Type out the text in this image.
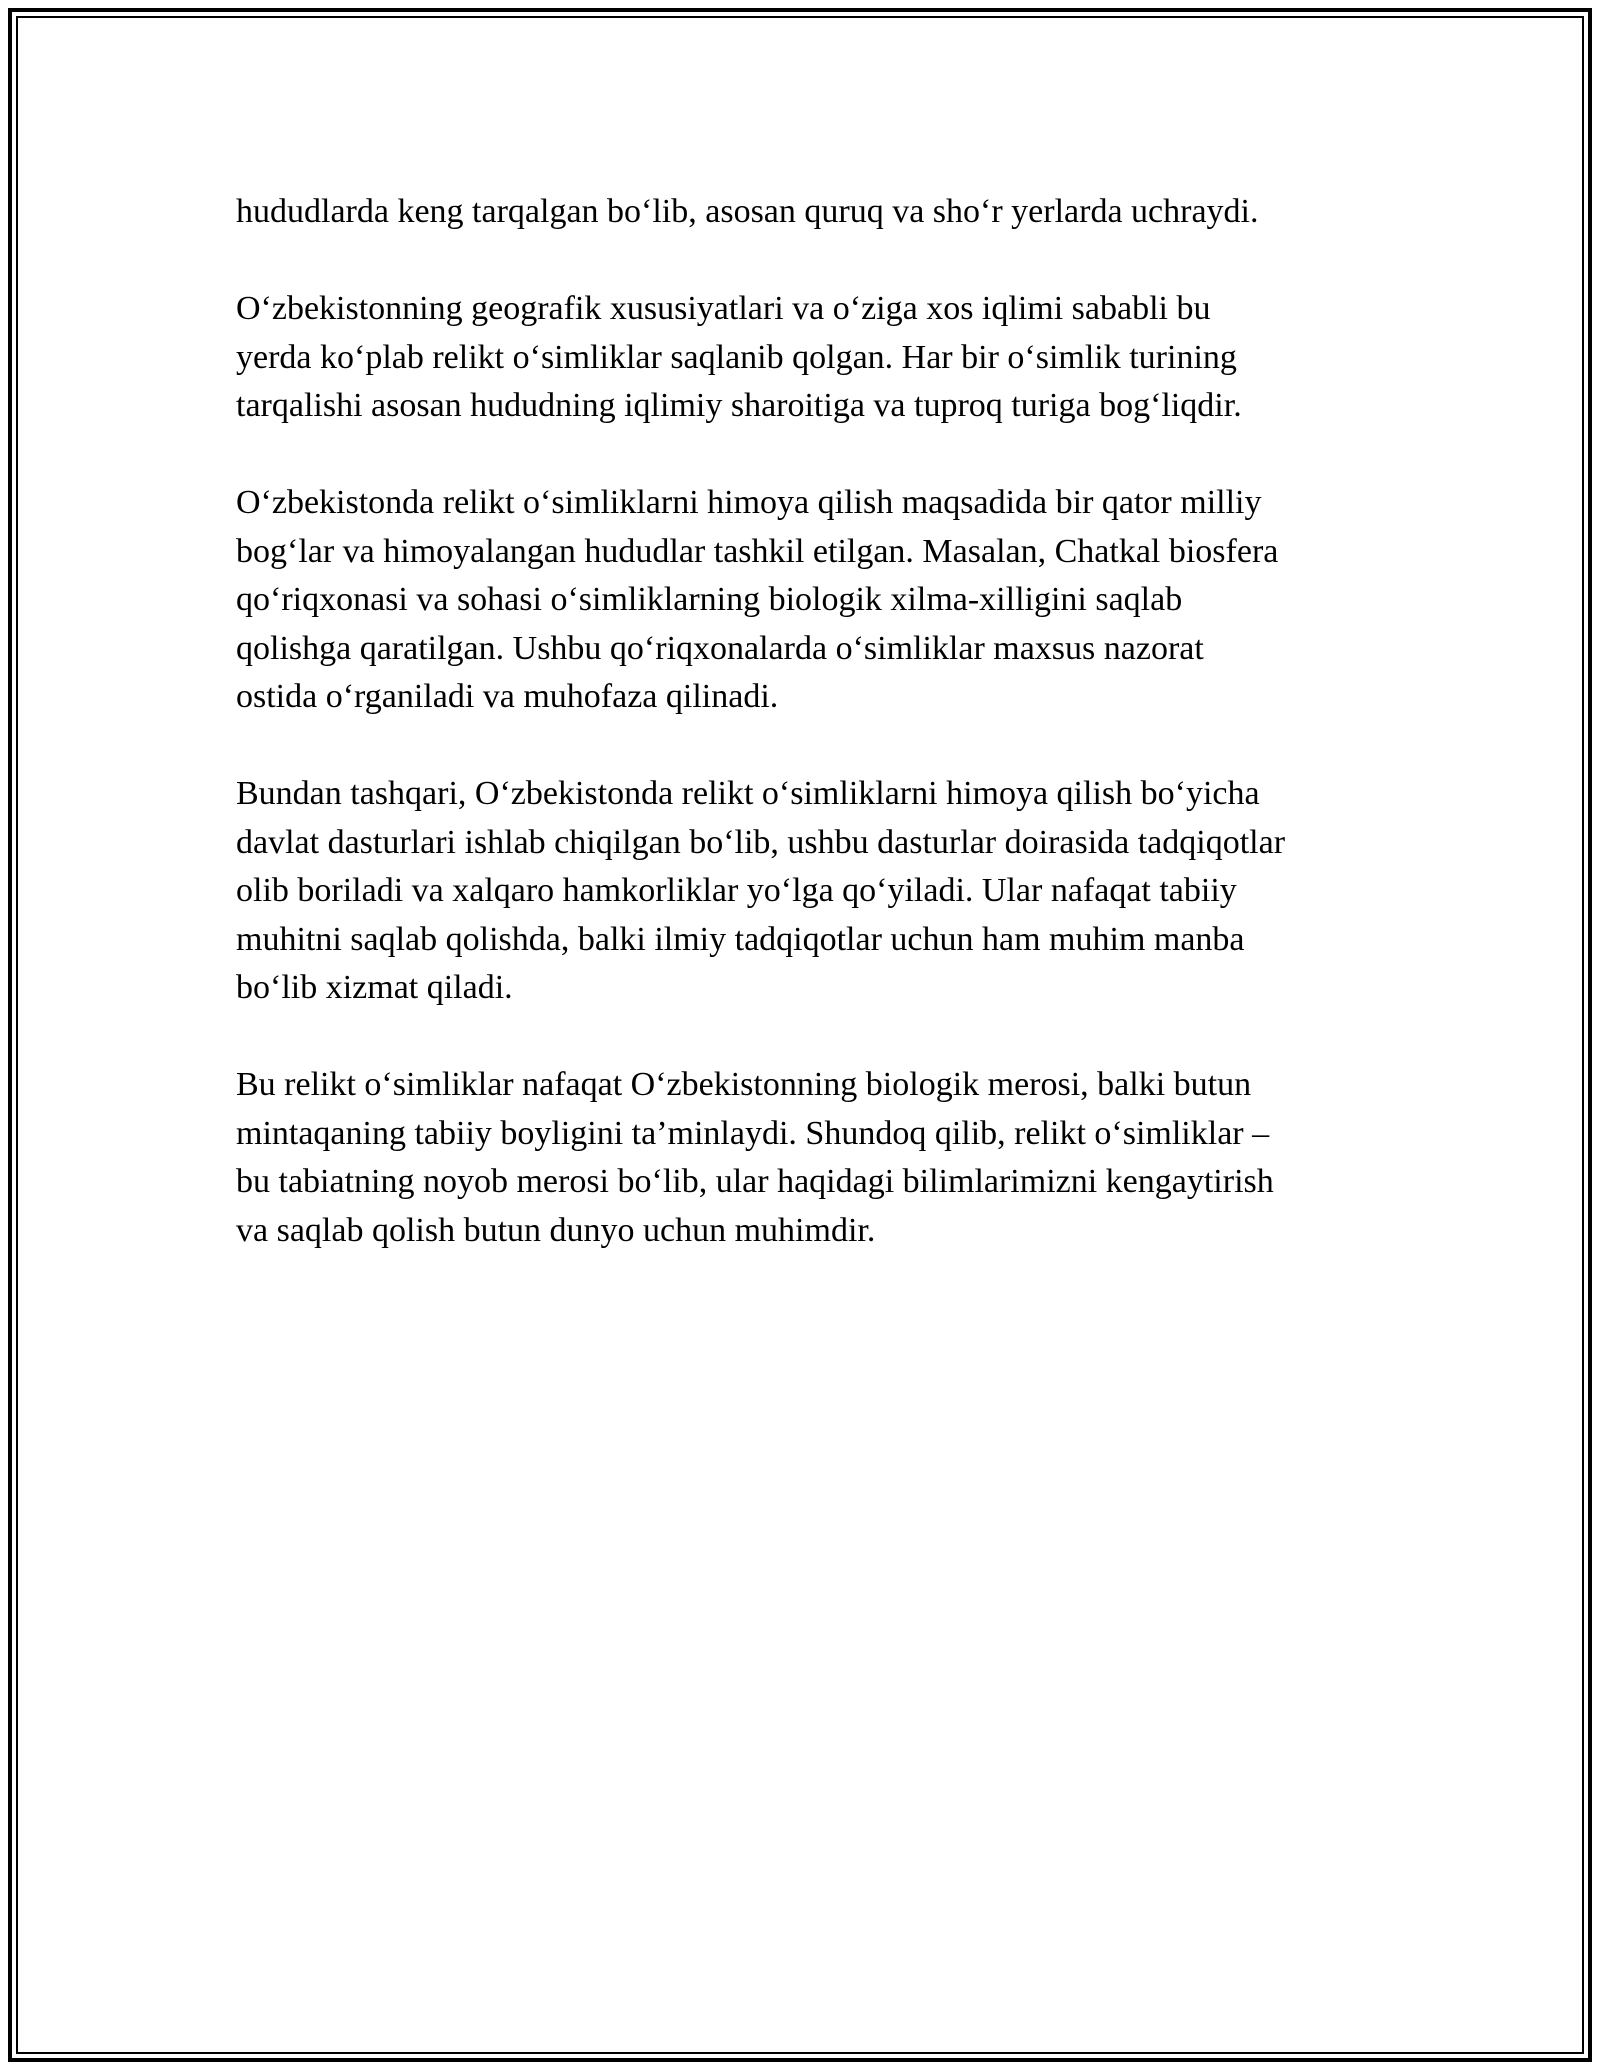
hududlarda keng tarqalgan bo‘lib, asosan quruq va sho‘r yerlarda uchraydi.

O‘zbekistonning geografik xususiyatlari va o‘ziga xos iqlimi sababli bu
yerda ko‘plab relikt o‘simliklar saqlanib qolgan. Har bir o‘simlik turining
tarqalishi asosan hududning iqlimiy sharoitiga va tuproq turiga bog‘liqdir.

O‘zbekistonda relikt o‘simliklarni himoya qilish maqsadida bir qator milliy
bog‘lar va himoyalangan hududlar tashkil etilgan. Masalan, Chatkal biosfera
qo‘riqxonasi va sohasi o‘simliklarning biologik xilma-xilligini saqlab
qolishga qaratilgan. Ushbu qo‘riqxonalarda o‘simliklar maxsus nazorat
ostida o‘rganiladi va muhofaza qilinadi.

Bundan tashqari, O‘zbekistonda relikt o‘simliklarni himoya qilish bo‘yicha
davlat dasturlari ishlab chiqilgan bo‘lib, ushbu dasturlar doirasida tadqiqotlar
olib boriladi va xalqaro hamkorliklar yo‘lga qo‘yiladi. Ular nafaqat tabiiy
muhitni saqlab qolishda, balki ilmiy tadqiqotlar uchun ham muhim manba
bo‘lib xizmat qiladi.

Bu relikt o‘simliklar nafaqat O‘zbekistonning biologik merosi, balki butun
mintaqaning tabiiy boyligini ta’minlaydi. Shundoq qilib, relikt o‘simliklar –
bu tabiatning noyob merosi bo‘lib, ular haqidagi bilimlarimizni kengaytirish
va saqlab qolish butun dunyo uchun muhimdir.
